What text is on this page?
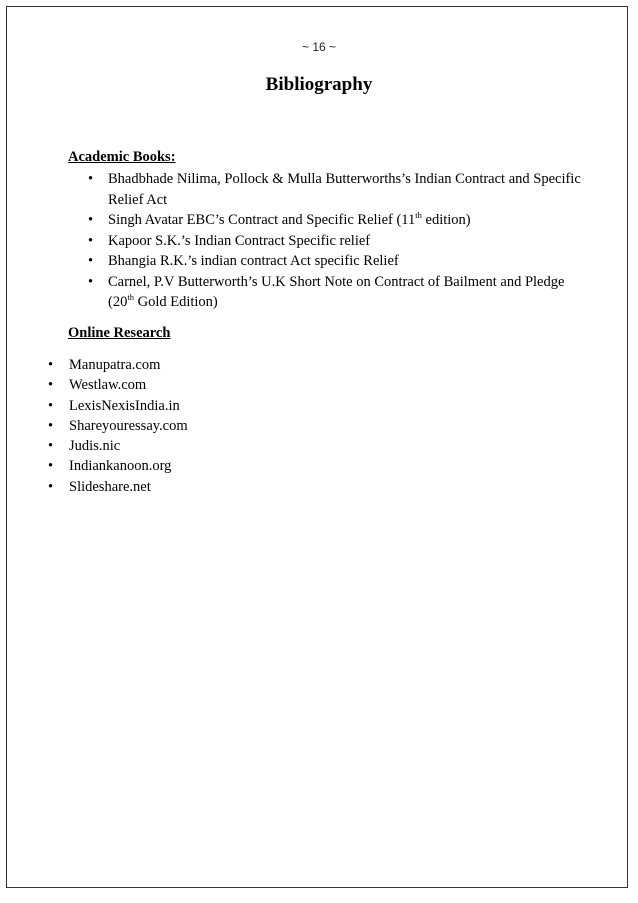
~ 16 ~
Bibliography
Academic Books:
• Bhadbhade Nilima, Pollock & Mulla Butterworths’s Indian Contract and Specific Relief Act
• Singh Avatar EBC’s Contract and Specific Relief (11th edition)
• Kapoor S.K.’s Indian Contract Specific relief
• Bhangia R.K.’s indian contract Act specific Relief
• Carnel, P.V Butterworth’s U.K Short Note on Contract of Bailment and Pledge
(20th Gold Edition)
Online Research
• Manupatra.com
• Westlaw.com
• LexisNexisIndia.in
• Shareyouressay.com
• Judis.nic
• Indiankanoon.org
• Slideshare.net
